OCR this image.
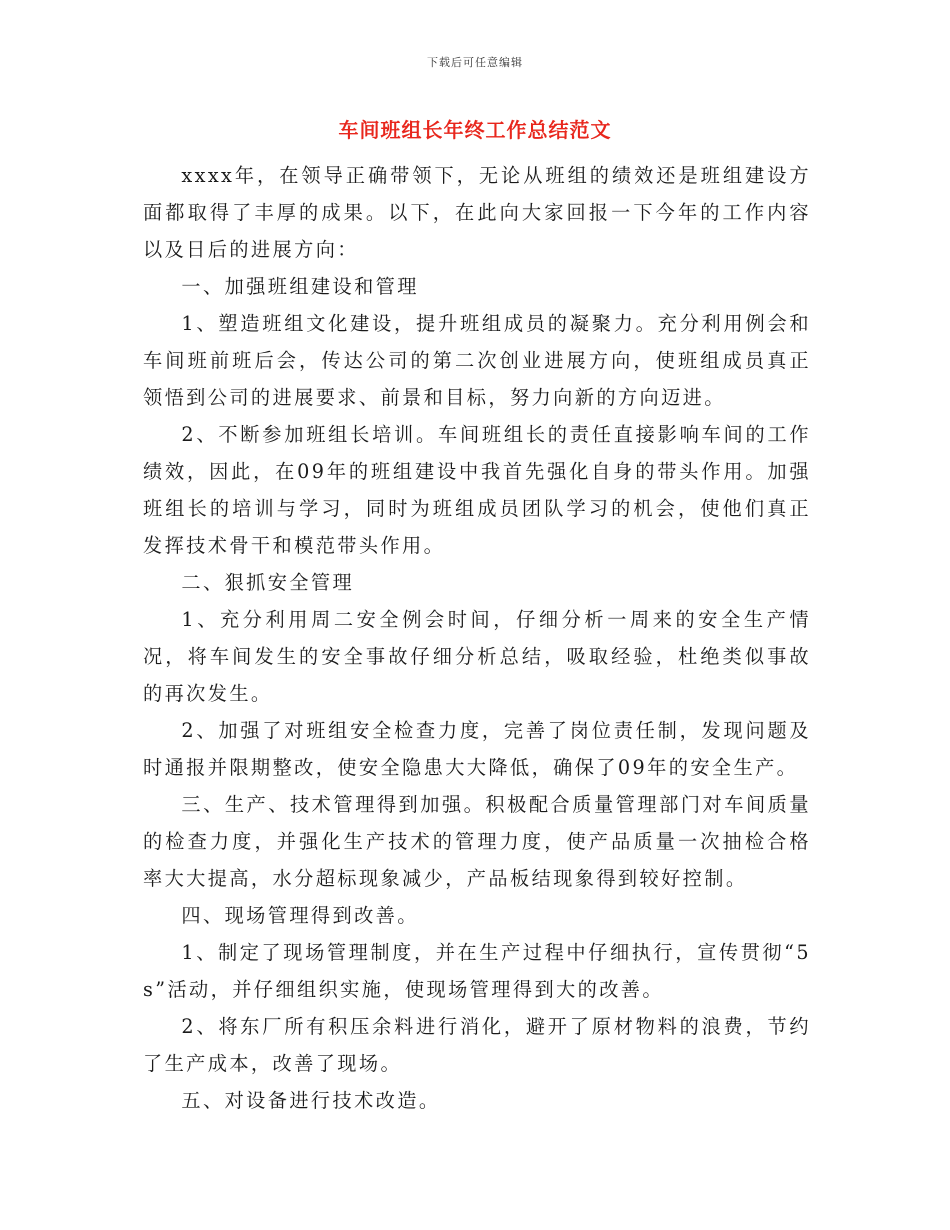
下载后可任意编辑
车间班组长年终工作总结范文

xxxx年，在领导正确带领下，无论从班组的绩效还是班组建设方面都取得了丰厚的成果。以下，在此向大家回报一下今年的工作内容以及日后的进展方向：

一、加强班组建设和管理

1、塑造班组文化建设，提升班组成员的凝聚力。充分利用例会和车间班前班后会，传达公司的第二次创业进展方向，使班组成员真正领悟到公司的进展要求、前景和目标，努力向新的方向迈进。

2、不断参加班组长培训。车间班组长的责任直接影响车间的工作绩效，因此，在09年的班组建设中我首先强化自身的带头作用。加强班组长的培训与学习，同时为班组成员团队学习的机会，使他们真正发挥技术骨干和模范带头作用。

二、狠抓安全管理

1、充分利用周二安全例会时间，仔细分析一周来的安全生产情况，将车间发生的安全事故仔细分析总结，吸取经验，杜绝类似事故的再次发生。

2、加强了对班组安全检查力度，完善了岗位责任制，发现问题及时通报并限期整改，使安全隐患大大降低，确保了09年的安全生产。

三、生产、技术管理得到加强。积极配合质量管理部门对车间质量的检查力度，并强化生产技术的管理力度，使产品质量一次抽检合格率大大提高，水分超标现象减少，产品板结现象得到较好控制。

四、现场管理得到改善。

1、制定了现场管理制度，并在生产过程中仔细执行，宣传贯彻“5s”活动，并仔细组织实施，使现场管理得到大的改善。

2、将东厂所有积压余料进行消化，避开了原材物料的浪费，节约了生产成本，改善了现场。

五、对设备进行技术改造。
